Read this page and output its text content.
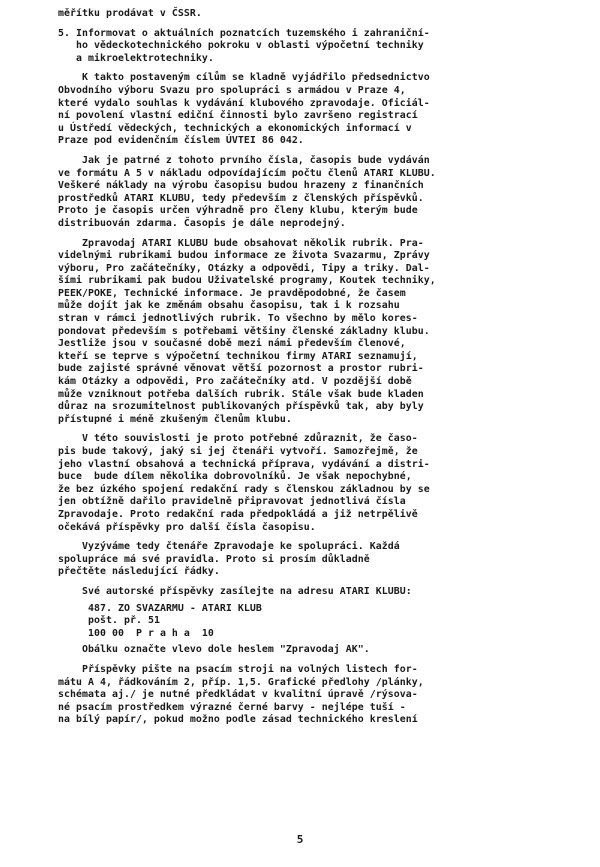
měřítku prodávat v ČSSR.
5. Informovat o aktuálních poznatcích tuzemského i zahraniční-
ho vědeckotechnického pokroku v oblasti výpočetní techniky
a mikroelektrotechniky.
K takto postaveným cílům se kladně vyjádřilo předsednictvo
Obvodního výboru Svazu pro spolupráci s armádou v Praze 4,
které vydalo souhlas k vydávání klubového zpravodaje. Oficiál-
ní povolení vlastní ediční činnosti bylo završeno registrací
u Ústředí vědeckých, technických a ekonomických informací v
Praze pod evidenčním číslem ÚVTEI 86 042.
Jak je patrné z tohoto prvního čísla, časopis bude vydáván
ve formátu A 5 v nákladu odpovídajícím počtu členů ATARI KLUBU.
Veškeré náklady na výrobu časopisu budou hrazeny z finančních
prostředků ATARI KLUBU, tedy především z členských příspěvků.
Proto je časopis určen výhradně pro členy klubu, kterým bude
distribuován zdarma. Časopis je dále neprodejný.
Zpravodaj ATARI KLUBU bude obsahovat několik rubrik. Pra-
videlnými rubrikami budou informace ze života Svazarmu, Zprávy
výboru, Pro začátečníky, Otázky a odpovědi, Tipy a triky. Dal-
šími rubrikami pak budou Uživatelské programy, Koutek techniky,
PEEK/POKE, Technické informace. Je pravděpodobné, že časem
může dojít jak ke změnám obsahu časopisu, tak i k rozsahu
stran v rámci jednotlivých rubrik. To všechno by mělo kores-
pondovat především s potřebami většiny členské základny klubu.
Jestliže jsou v současné době mezi námi především členové,
kteří se teprve s výpočetní technikou firmy ATARI seznamují,
bude zajisté správné věnovat větší pozornost a prostor rubri-
kám Otázky a odpovědi, Pro začátečníky atd. V pozdější době
může vzniknout potřeba dalších rubrik. Stále však bude kladen
důraz na srozumitelnost publikovaných příspěvků tak, aby byly
přístupné i méně zkušeným členům klubu.
V této souvislosti je proto potřebné zdůraznit, že časo-
pis bude takový, jaký si jej čtenáři vytvoří. Samozřejmě, že
jeho vlastní obsahová a technická příprava, vydávání a distri-
buce  bude dílem několika dobrovolníků. Je však nepochybné,
že bez úzkého spojení redakční rady s členskou základnou by se
jen obtížně dařilo pravidelně připravovat jednotlivá čísla
Zpravodaje. Proto redakční rada předpokládá a již netrpělivě
očekává příspěvky pro další čísla časopisu.
Vyzýváme tedy čtenáře Zpravodaje ke spolupráci. Každá
spolupráce má své pravidla. Proto si prosím důkladně
přečtěte následující řádky.
Své autorské příspěvky zasílejte na adresu ATARI KLUBU:
487. ZO SVAZARMU - ATARI KLUB
pošt. př. 51
100 00  P r a h a  10
Obálku označte vlevo dole heslem "Zpravodaj AK".
Příspěvky pište na psacím stroji na volných listech for-
mátu A 4, řádkováním 2, příp. 1,5. Grafické předlohy /plánky,
schémata aj./ je nutné předkládat v kvalitní úpravě /rýsova-
né psacím prostředkem výrazné černé barvy - nejlépe tuší -
na bílý papír/, pokud možno podle zásad technického kreslení
5
